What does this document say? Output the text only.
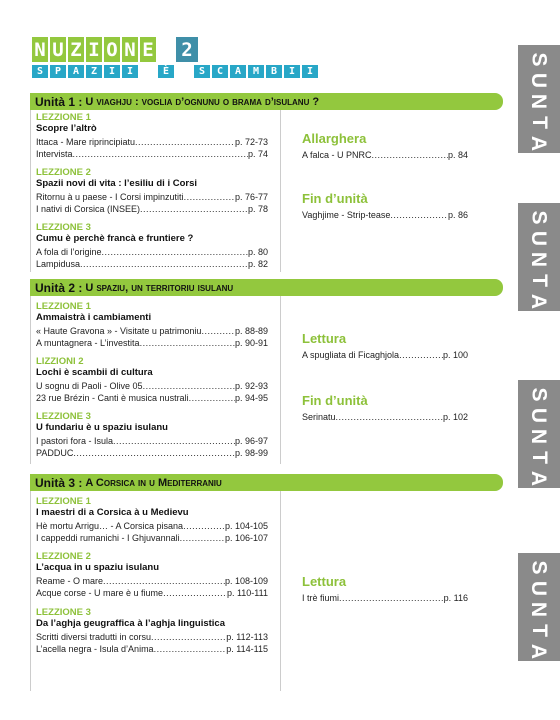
N U Z I O N E 2
S	P	A	Z	I	I	È	S	C	A	M	B	I	I
S
U
N
T
A
S
U
N
T
A
S
U
N
T
A
S
U
N
T
A
Unità 1 : U viaghju : voglia d’ognunu o brama d’isulanu ?
LEZZIONE 1
Scopre l’altrò
Ittaca - Mare riprincipiatu .....	p. 72-73
Intervista .....	p. 74
LEZZIONE 2
Spazii novi di vita : l’esiliu di i Corsi
Ritornu à u paese - I Corsi impinzutiti .....	p. 76-77
I nativi di Corsica (INSEE) .....	p. 78
LEZZIONE 3
Cumu è perchè francà e fruntiere ?
A fola di l’origine .....	p. 80
Lampidusa .....	p. 82
Allarghera
A falca - U PNRC .....	p. 84
Fin d’unità
Vaghjime - Strip-tease .....	p. 86
Unità 2 : U spaziu, un territoriu isulanu
LEZZIONE 1
Ammaistrà i cambiamenti
« Haute Gravona » - Visitate u patrimoniu .....	p. 88-89
A muntagnera - L’investita .....	p. 90-91
LIZZIONI 2
Lochi è scambii di cultura
U sognu di Paoli - Olive 05 .....	p. 92-93
23 rue Brézin - Canti è musica nustrali .....	p. 94-95
LEZZIONE 3
U fundariu è u spaziu isulanu
I pastori fora - Isula .....	p. 96-97
PADDUC .....	p. 98-99
Lettura
A spugliata di Ficaghjola .....	p. 100
Fin d’unità
Serinatu .....	p. 102
Unità 3 : A Corsica in u Mediterraniu
LEZZIONE 1
I maestri di a Corsica à u Medievu
Hè mortu Arrigu… - A Corsica pisana .....	p. 104-105
I cappeddi rumanichi - I Ghjuvannali .....	p. 106-107
LEZZIONE 2
L’acqua in u spaziu isulanu
Reame - O mare .....	p. 108-109
Acque corse - U mare è u fiume .....	p. 110-111
LEZZIONE 3
Da l’aghja geugraffica à l’aghja linguistica
Scritti diversi tradutti in corsu .....	p. 112-113
L’acella negra - Isula d’Anima .....	p. 114-115
Lettura
I trè fiumi .....	p. 116
